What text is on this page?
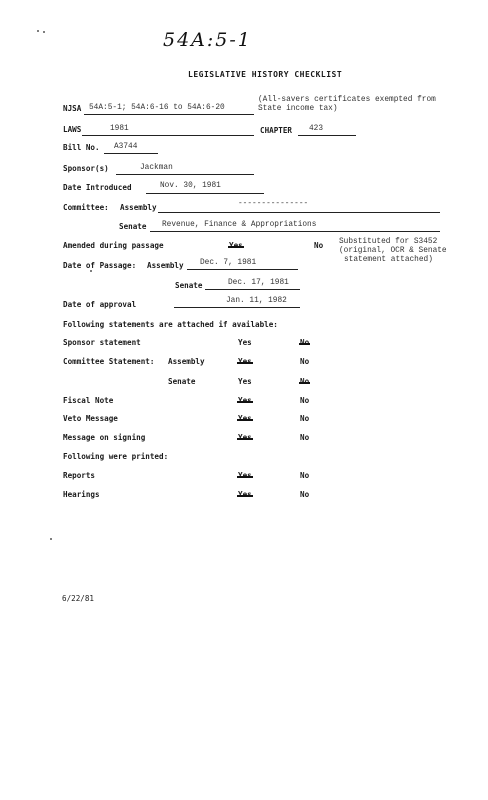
54A:5-1
LEGISLATIVE HISTORY CHECKLIST
NJSA 54A:5-1; 54A:6-16 to 54A:6-20
(All-savers certificates exempted from
State income tax)
LAWS	1981	CHAPTER 423
Bill No. A3744
Sponsor(s)	Jackman
Date Introduced	Nov. 30, 1981
Committee: Assembly	---------------
Senate Revenue, Finance & Appropriations
Amended during passage	Yes	No Substituted for S3452
(original, OCR & Senate
statement attached)
Date of Passage: Assembly Dec. 7, 1981
Senate	Dec. 17, 1981
Date of approval	Jan. 11, 1982
Following statements are attached if available:
Sponsor statement	Yes	No
Committee Statement: Assembly	Yes	No
Senate	Yes	No
Fiscal Note	Yes	No
Veto Message	Yes	No
Message on signing	Yes	No
Following were printed:
Reports	Yes	No
Hearings	Yes	No
6/22/81
